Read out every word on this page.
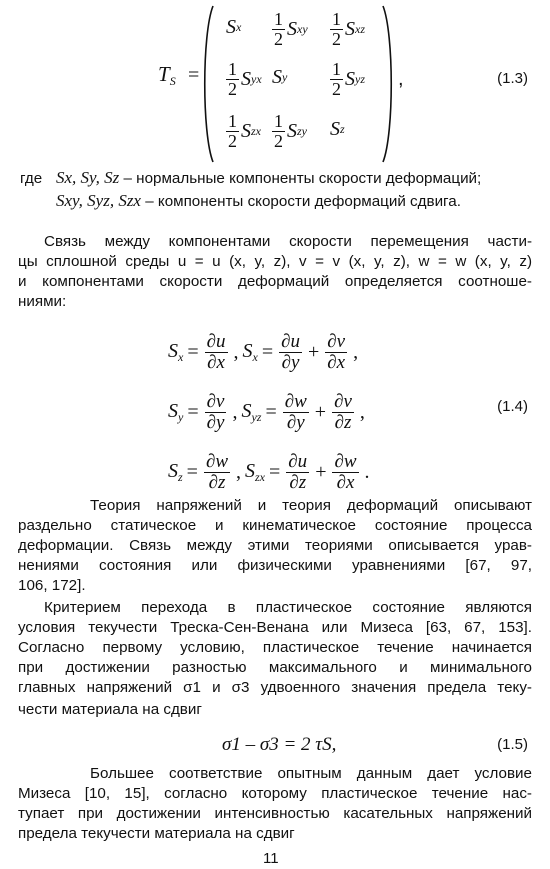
$T_S$ =	,
S x $\frac{1}{2}$ S xy $\frac{1}{2}$ S xz
$\frac{1}{2}$ S yx S y $\frac{1}{2}$ S yz
$\frac{1}{2}$ S zx $\frac{1}{2}$ S zy S z
(1.3)
где Sx, Sy, Sz – нормальные компоненты скорости деформаций;
Sxy, Syz, Szx – компоненты скорости деформаций сдвига.
Связь между компонентами скорости перемещения части-
цы сплошной среды u = u (x, y, z), v = v (x, y, z), w = w (x, y, z)
и компонентами скорости деформаций определяется соотноше-
ниями:
$S_x = \frac{\partial u}{\partial x}$ , $S_x = \frac{\partial u}{\partial y} + \frac{\partial v}{\partial x}$ ,
$S_y = \frac{\partial v}{\partial y}$ , $S_{yz} = \frac{\partial w}{\partial y} + \frac{\partial v}{\partial z}$ ,
$S_z = \frac{\partial w}{\partial z}$ , $S_{zx} = \frac{\partial u}{\partial z} + \frac{\partial w}{\partial x}$ .
(1.4)
Теория напряжений и теория деформаций описывают
раздельно статическое и кинематическое состояние процесса
деформации. Связь между этими теориями описывается урав-
нениями состояния или физическими уравнениями [67, 97,
106, 172].
Критерием перехода в пластическое состояние являются
условия текучести Треска-Сен-Венана или Мизеса [63, 67, 153].
Согласно первому условию, пластическое течение начинается
при достижении разностью максимального и минимального
главных напряжений σ1 и σ3 удвоенного значения предела теку-
чести материала на сдвиг
σ1 – σ3 = 2 τS,	(1.5)
Большее соответствие опытным данным дает условие
Мизеса [10, 15], согласно которому пластическое течение нас-
тупает при достижении интенсивностью касательных напряжений
предела текучести материала на сдвиг
11
